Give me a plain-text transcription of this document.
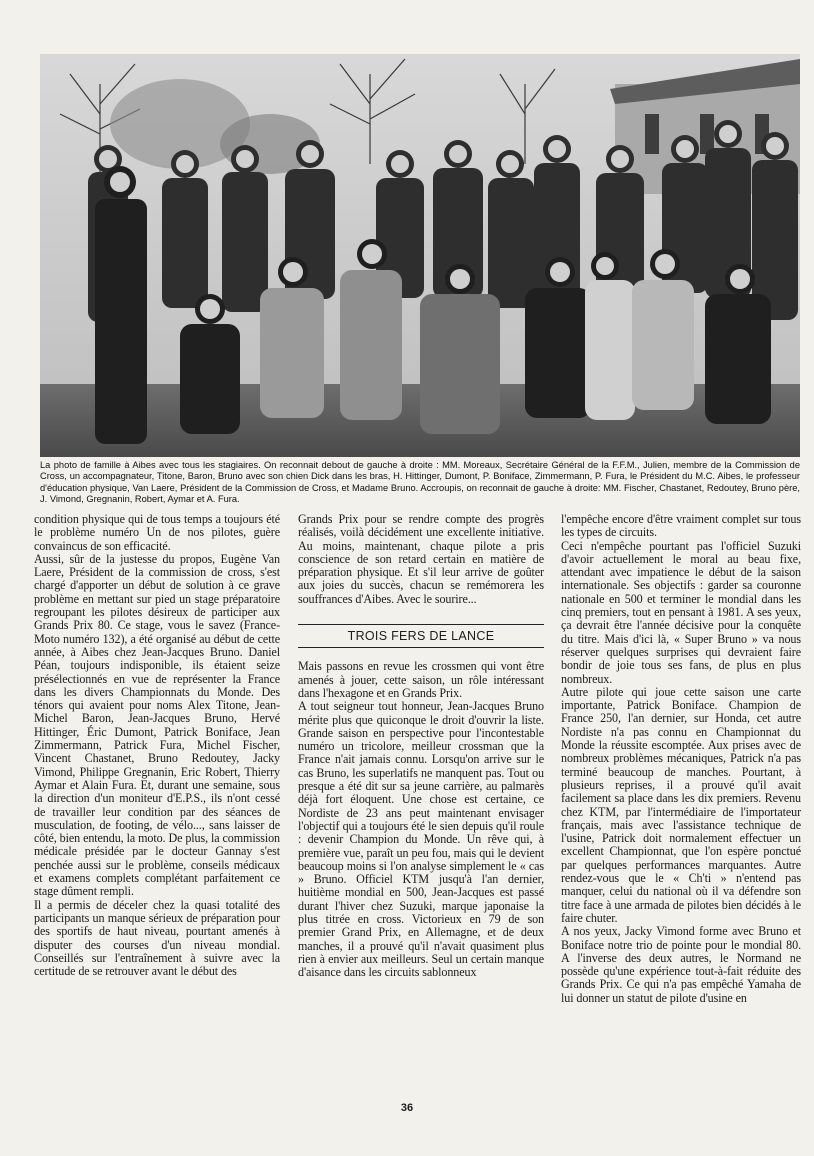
La photo de famille à Aibes avec tous les stagiaires. On reconnait debout de gauche à droite : MM. Moreaux, Secrétaire Général de la F.F.M., Julien, membre de la Commission de Cross, un accompagnateur, Titone, Baron, Bruno avec son chien Dick dans les bras, H. Hittinger, Dumont, P. Boniface, Zimmermann, P. Fura, le Président du M.C. Aibes, le professeur d'éducation physique, Van Laere, Président de la Commission de Cross, et Madame Bruno. Accroupis, on reconnait de gauche à droite: MM. Fischer, Chastanet, Redoutey, Bruno père, J. Vimond, Gregnanin, Robert, Aymar et A. Fura.

condition physique qui de tous temps a toujours été le problème numéro Un de nos pilotes, guère convaincus de son efficacité.

Aussi, sûr de la justesse du propos, Eugène Van Laere, Président de la commission de cross, s'est chargé d'apporter un début de solution à ce grave problème en mettant sur pied un stage préparatoire regroupant les pilotes désireux de participer aux Grands Prix 80. Ce stage, vous le savez (France-Moto numéro 132), a été organisé au début de cette année, à Aibes chez Jean-Jacques Bruno. Daniel Péan, toujours indisponible, ils étaient seize présélectionnés en vue de représenter la France dans les divers Championnats du Monde. Des ténors qui avaient pour noms Alex Titone, Jean-Michel Baron, Jean-Jacques Bruno, Hervé Hittinger, Éric Dumont, Patrick Boniface, Jean Zimmermann, Patrick Fura, Michel Fischer, Vincent Chastanet, Bruno Redoutey, Jacky Vimond, Philippe Gregnanin, Eric Robert, Thierry Aymar et Alain Fura. Et, durant une semaine, sous la direction d'un moniteur d'E.P.S., ils n'ont cessé de travailler leur condition par des séances de musculation, de footing, de vélo..., sans laisser de côté, bien entendu, la moto. De plus, la commission médicale présidée par le docteur Gannay s'est penchée aussi sur le problème, conseils médicaux et examens complets complétant parfaitement ce stage dûment rempli.

Il a permis de déceler chez la quasi totalité des participants un manque sérieux de préparation pour des sportifs de haut niveau, pourtant amenés à disputer des courses d'un niveau mondial. Conseillés sur l'entraînement à suivre avec la certitude de se retrouver avant le début des

Grands Prix pour se rendre compte des progrès réalisés, voilà décidément une excellente initiative. Au moins, maintenant, chaque pilote a pris conscience de son retard certain en matière de préparation physique. Et s'il leur arrive de goûter aux joies du succès, chacun se remémorera les souffrances d'Aibes. Avec le sourire...

TROIS FERS DE LANCE

Mais passons en revue les crossmen qui vont être amenés à jouer, cette saison, un rôle intéressant dans l'hexagone et en Grands Prix.

A tout seigneur tout honneur, Jean-Jacques Bruno mérite plus que quiconque le droit d'ouvrir la liste. Grande saison en perspective pour l'incontestable numéro un tricolore, meilleur crossman que la France n'ait jamais connu. Lorsqu'on arrive sur le cas Bruno, les superlatifs ne manquent pas. Tout ou presque a été dit sur sa jeune carrière, au palmarès déjà fort éloquent. Une chose est certaine, ce Nordiste de 23 ans peut maintenant envisager l'objectif qui a toujours été le sien depuis qu'il roule : devenir Champion du Monde. Un rêve qui, à première vue, paraît un peu fou, mais qui le devient beaucoup moins si l'on analyse simplement le « cas » Bruno. Officiel KTM jusqu'à l'an dernier, huitième mondial en 500, Jean-Jacques est passé durant l'hiver chez Suzuki, marque japonaise la plus titrée en cross. Victorieux en 79 de son premier Grand Prix, en Allemagne, et de deux manches, il a prouvé qu'il n'avait quasiment plus rien à envier aux meilleurs. Seul un certain manque d'aisance dans les circuits sablonneux

l'empêche encore d'être vraiment complet sur tous les types de circuits.

Ceci n'empêche pourtant pas l'officiel Suzuki d'avoir actuellement le moral au beau fixe, attendant avec impatience le début de la saison internationale. Ses objectifs : garder sa couronne nationale en 500 et terminer le mondial dans les cinq premiers, tout en pensant à 1981. A ses yeux, ça devrait être l'année décisive pour la conquête du titre. Mais d'ici là, « Super Bruno » va nous réserver quelques surprises qui devraient faire bondir de joie tous ses fans, de plus en plus nombreux.

Autre pilote qui joue cette saison une carte importante, Patrick Boniface. Champion de France 250, l'an dernier, sur Honda, cet autre Nordiste n'a pas connu en Championnat du Monde la réussite escomptée. Aux prises avec de nombreux problèmes mécaniques, Patrick n'a pas terminé beaucoup de manches. Pourtant, à plusieurs reprises, il a prouvé qu'il avait facilement sa place dans les dix premiers. Revenu chez KTM, par l'intermédiaire de l'importateur français, mais avec l'assistance technique de l'usine, Patrick doit normalement effectuer un excellent Championnat, que l'on espère ponctué par quelques performances marquantes. Autre rendez-vous que le « Ch'ti » n'entend pas manquer, celui du national où il va défendre son titre face à une armada de pilotes bien décidés à le faire chuter.

A nos yeux, Jacky Vimond forme avec Bruno et Boniface notre trio de pointe pour le mondial 80. A l'inverse des deux autres, le Normand ne possède qu'une expérience tout-à-fait réduite des Grands Prix. Ce qui n'a pas empêché Yamaha de lui donner un statut de pilote d'usine en

36
